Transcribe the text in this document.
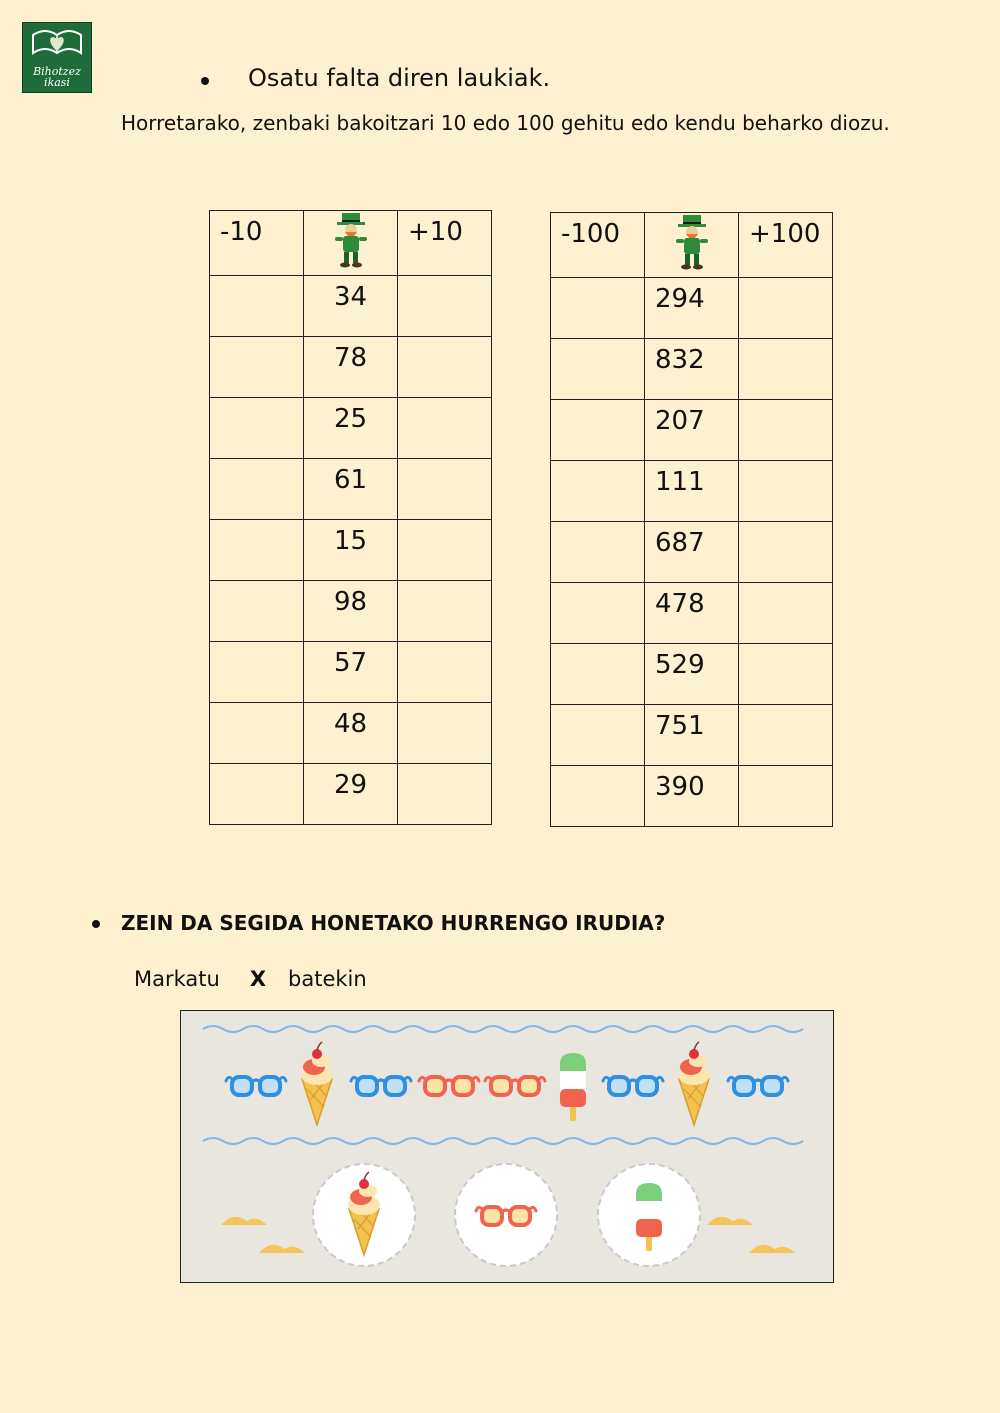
Bihotzez
ikasi	Osatu falta diren laukiak.
Horretarako, zenbaki bakoitzari 10 edo 100 gehitu edo kendu beharko diozu.
-10		+10
	34	
	78	
	25	
	61	
	15	
	98	
	57	
	48	
	29	
-100		+100
	294	
	832	
	207	
	111	
	687	
	478	
	529	
	751	
	390	
ZEIN DA SEGIDA HONETAKO HURRENGO IRUDIA?
Markatu X batekin
